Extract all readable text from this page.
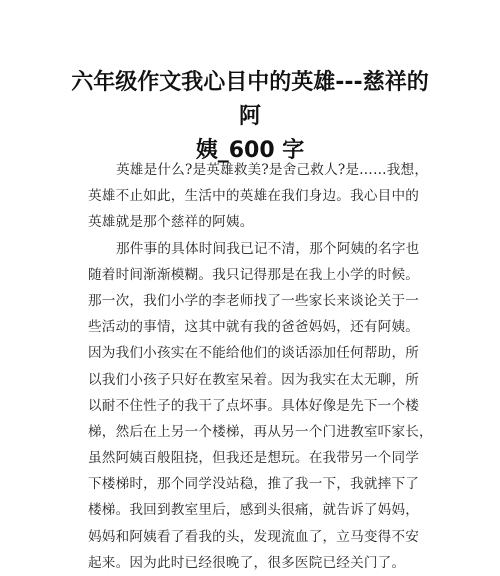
六年级作文我心目中的英雄---慈祥的阿
姨_600 字
英雄是什么?是英雄救美?是舍己救人?是……我想，
英雄不止如此，生活中的英雄在我们身边。我心目中的
英雄就是那个慈祥的阿姨。
那件事的具体时间我已记不清，那个阿姨的名字也
随着时间渐渐模糊。我只记得那是在我上小学的时候。
那一次，我们小学的李老师找了一些家长来谈论关于一
些活动的事情，这其中就有我的爸爸妈妈，还有阿姨。
因为我们小孩实在不能给他们的谈话添加任何帮助，所
以我们小孩子只好在教室呆着。因为我实在太无聊，所
以耐不住性子的我干了点坏事。具体好像是先下一个楼
梯，然后在上另一个楼梯，再从另一个门进教室吓家长，
虽然阿姨百般阻挠，但我还是想玩。在我带另一个同学
下楼梯时，那个同学没站稳，推了我一下，我就摔下了
楼梯。我回到教室里后，感到头很痛，就告诉了妈妈，
妈妈和阿姨看了看我的头，发现流血了，立马变得不安
起来。因为此时已经很晚了，很多医院已经关门了。
